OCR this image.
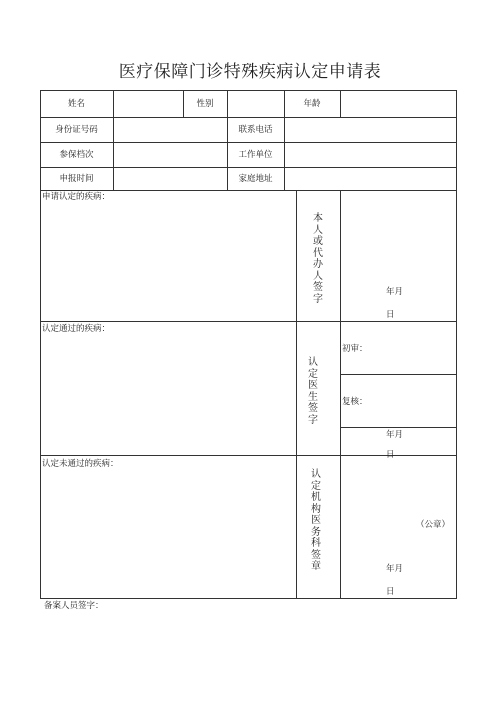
医疗保障门诊特殊疾病认定申请表
姓名	性别	年龄
身份证号码	联系电话
参保档次	工作单位
申报时间	家庭地址
申请认定的疾病：
本人或代办人签字
年月
日
认定通过的疾病：
认定医生签字
初审：
复核：
年月
日
认定未通过的疾病：
认定机构医务科签章
（公章）
年月
日
备案人员签字：
